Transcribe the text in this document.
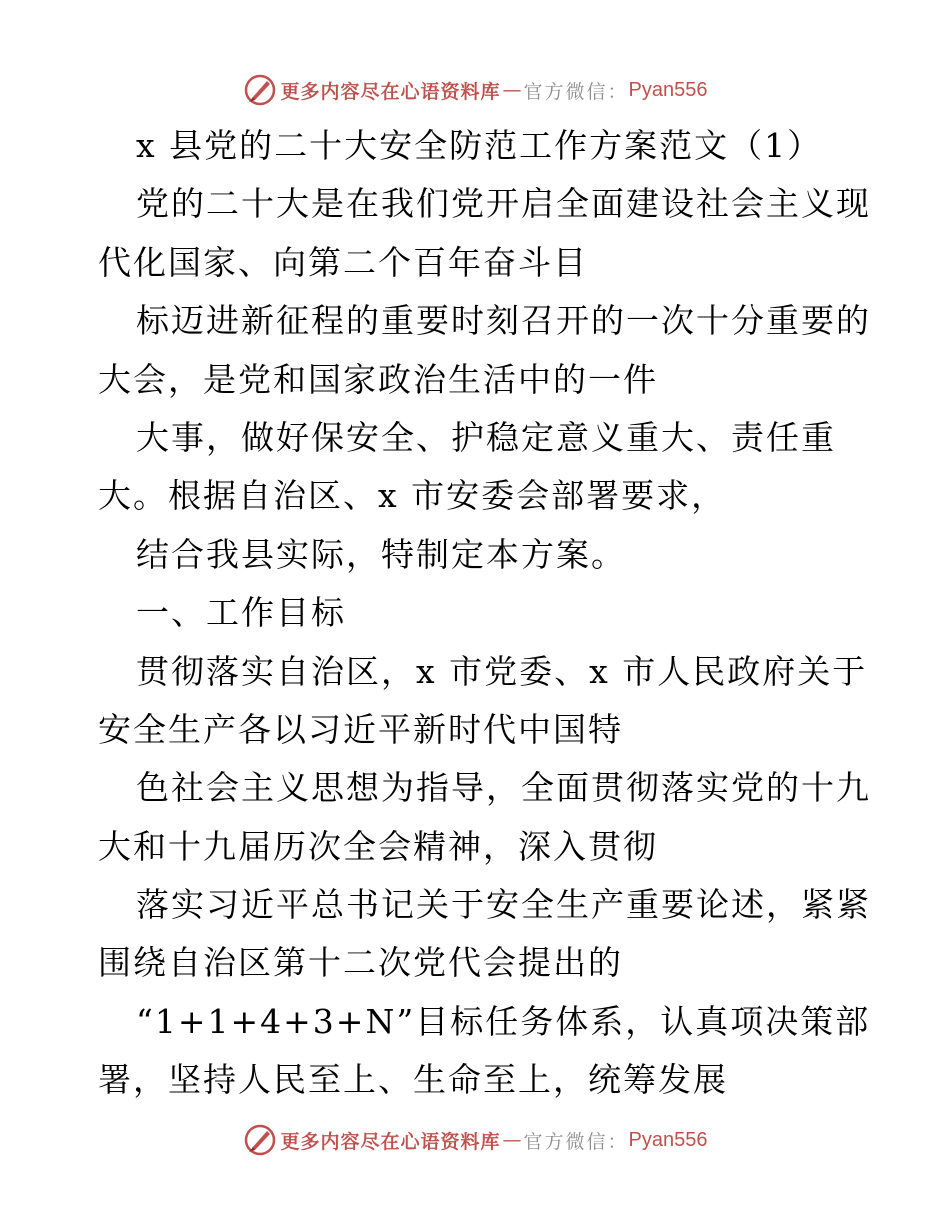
更多内容尽在心语资料库 — 官方微信： Pyan556
x 县党的二十大安全防范工作方案范文（1）
党的二十大是在我们党开启全面建设社会主义现
代化国家、向第二个百年奋斗目
标迈进新征程的重要时刻召开的一次十分重要的
大会，是党和国家政治生活中的一件
大事，做好保安全、护稳定意义重大、责任重
大。根据自治区、x 市安委会部署要求，
结合我县实际，特制定本方案。
一、工作目标
贯彻落实自治区，x 市党委、x 市人民政府关于
安全生产各以习近平新时代中国特
色社会主义思想为指导，全面贯彻落实党的十九
大和十九届历次全会精神，深入贯彻
落实习近平总书记关于安全生产重要论述，紧紧
围绕自治区第十二次党代会提出的
“1+1+4+3+N”目标任务体系，认真项决策部
署，坚持人民至上、生命至上，统筹发展
更多内容尽在心语资料库 — 官方微信： Pyan556
